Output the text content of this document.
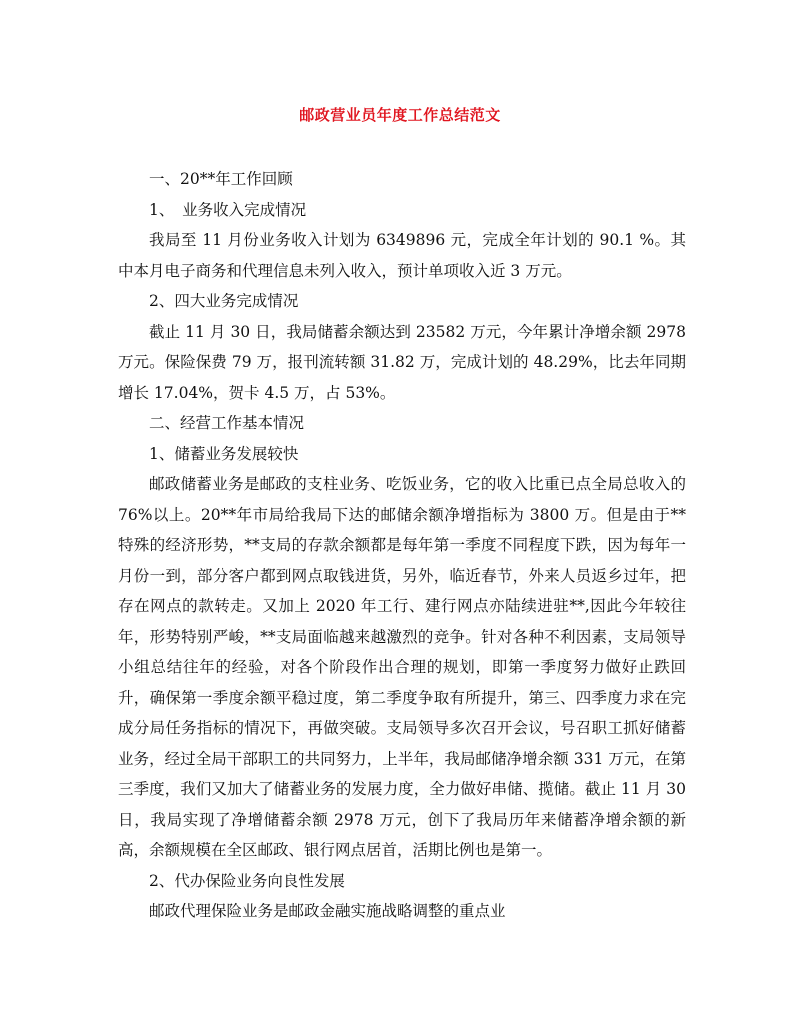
邮政营业员年度工作总结范文

一、20**年工作回顾

1、　业务收入完成情况

我局至 11 月份业务收入计划为 6349896 元，完成全年计划的 90.1 %。其中本月电子商务和代理信息未列入收入，预计单项收入近 3 万元。

2、四大业务完成情况

截止 11 月 30 日，我局储蓄余额达到 23582 万元，今年累计净增余额 2978 万元。保险保费 79 万，报刊流转额 31.82 万，完成计划的 48.29%，比去年同期增长 17.04%，贺卡 4.5 万，占 53%。

二、经营工作基本情况

1、储蓄业务发展较快

邮政储蓄业务是邮政的支柱业务、吃饭业务，它的收入比重已点全局总收入的 76%以上。20**年市局给我局下达的邮储余额净增指标为 3800 万。但是由于**特殊的经济形势，**支局的存款余额都是每年第一季度不同程度下跌，因为每年一月份一到，部分客户都到网点取钱进货，另外，临近春节，外来人员返乡过年，把存在网点的款转走。又加上 2020 年工行、建行网点亦陆续进驻**,因此今年较往年，形势特别严峻，**支局面临越来越激烈的竞争。针对各种不利因素，支局领导小组总结往年的经验，对各个阶段作出合理的规划，即第一季度努力做好止跌回升，确保第一季度余额平稳过度，第二季度争取有所提升，第三、四季度力求在完成分局任务指标的情况下，再做突破。支局领导多次召开会议，号召职工抓好储蓄业务，经过全局干部职工的共同努力，上半年，我局邮储净增余额 331 万元，在第三季度，我们又加大了储蓄业务的发展力度，全力做好串储、揽储。截止 11 月 30 日，我局实现了净增储蓄余额 2978 万元，创下了我局历年来储蓄净增余额的新高，余额规模在全区邮政、银行网点居首，活期比例也是第一。

2、代办保险业务向良性发展

邮政代理保险业务是邮政金融实施战略调整的重点业
